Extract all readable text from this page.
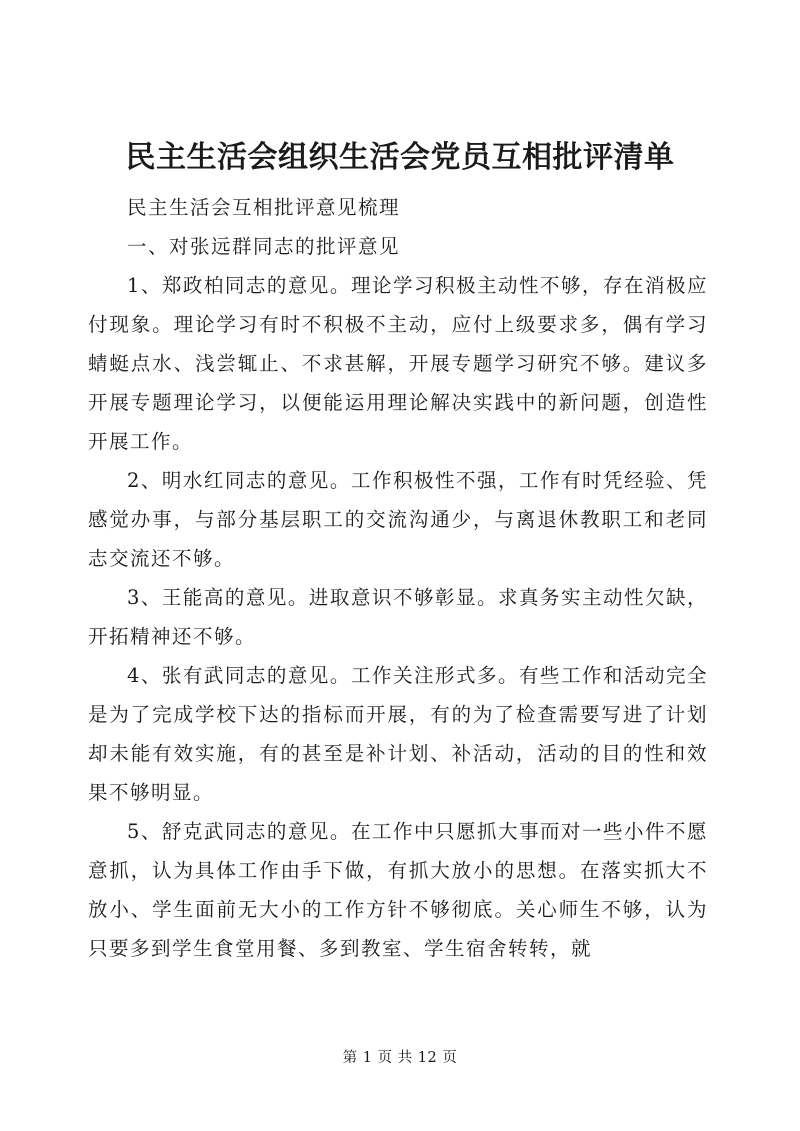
民主生活会组织生活会党员互相批评清单

民主生活会互相批评意见梳理

一、对张远群同志的批评意见

1、郑政柏同志的意见。理论学习积极主动性不够，存在消极应付现象。理论学习有时不积极不主动，应付上级要求多，偶有学习蜻蜓点水、浅尝辄止、不求甚解，开展专题学习研究不够。建议多开展专题理论学习，以便能运用理论解决实践中的新问题，创造性开展工作。

2、明水红同志的意见。工作积极性不强，工作有时凭经验、凭感觉办事，与部分基层职工的交流沟通少，与离退休教职工和老同志交流还不够。

3、王能高的意见。进取意识不够彰显。求真务实主动性欠缺，开拓精神还不够。

4、张有武同志的意见。工作关注形式多。有些工作和活动完全是为了完成学校下达的指标而开展，有的为了检查需要写进了计划却未能有效实施，有的甚至是补计划、补活动，活动的目的性和效果不够明显。

5、舒克武同志的意见。在工作中只愿抓大事而对一些小件不愿意抓，认为具体工作由手下做，有抓大放小的思想。在落实抓大不放小、学生面前无大小的工作方针不够彻底。关心师生不够，认为只要多到学生食堂用餐、多到教室、学生宿舍转转，就

第 1 页 共 12 页
